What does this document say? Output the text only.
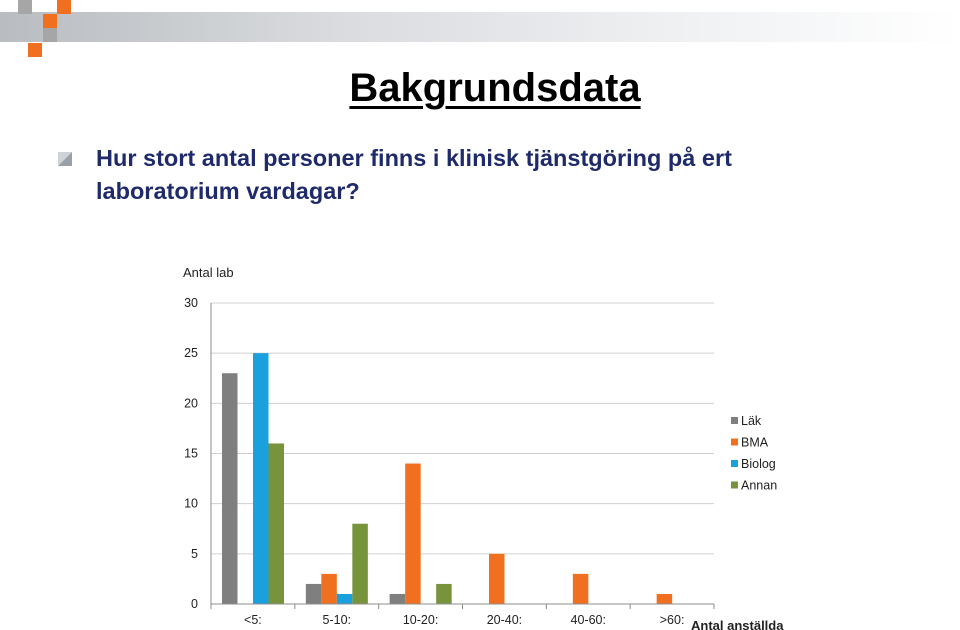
Bakgrundsdata
Hur stort antal personer finns i klinisk tjänstgöring på ert laboratorium vardagar?
0
5
10
15
20
25
30
<5:	5-10:	10-20:	20-40:	40-60:	>60:
Antal lab
Antal anställda
Läk
BMA
Biolog
Annan
